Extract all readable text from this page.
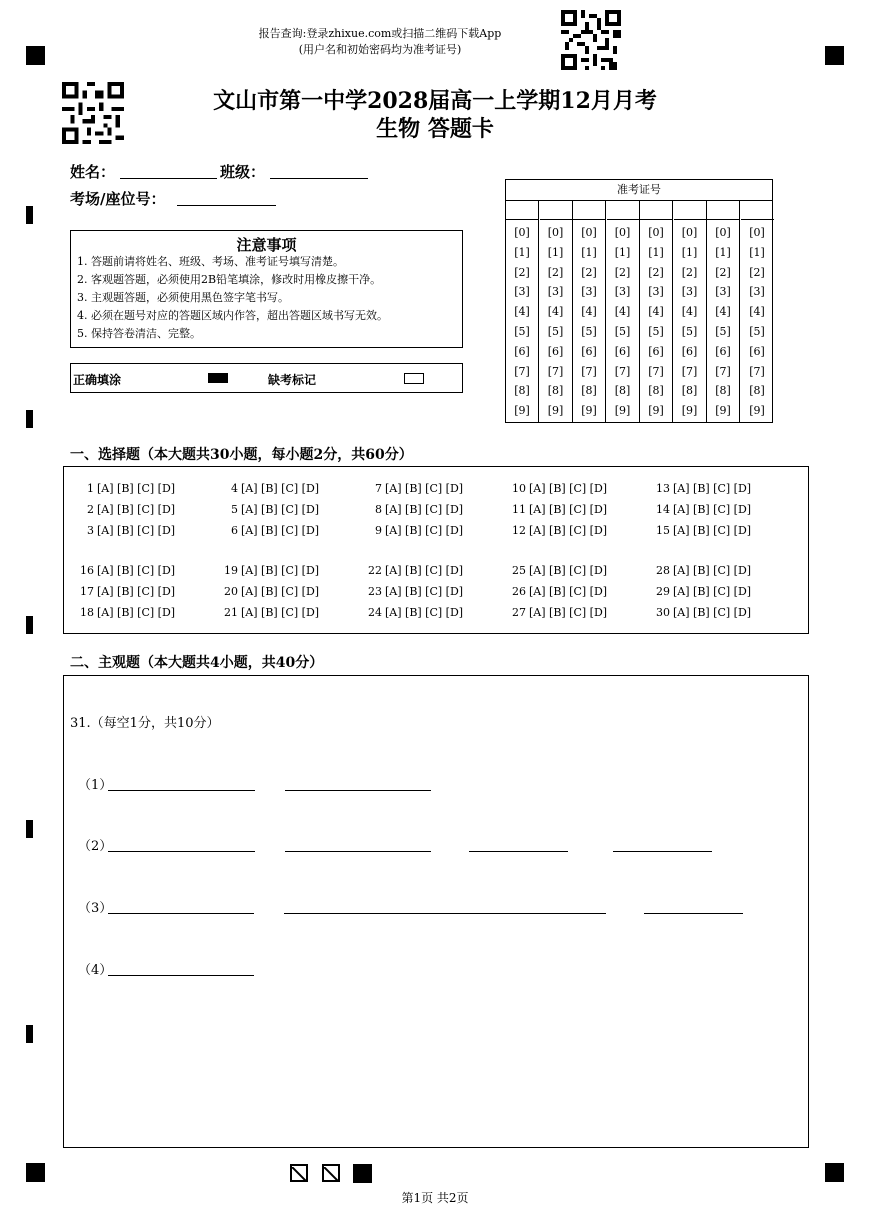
报告查询:登录zhixue.com或扫描二维码下载App
(用户名和初始密码均为准考证号)
文山市第一中学2028届高一上学期12月月考
生物 答题卡
姓名：	班级：
考场/座位号：
注意事项
1. 答题前请将姓名、班级、考场、准考证号填写清楚。
2. 客观题答题，必须使用2B铅笔填涂，修改时用橡皮擦干净。
3. 主观题答题，必须使用黑色签字笔书写。
4. 必须在题号对应的答题区域内作答，超出答题区域书写无效。
5. 保持答卷清洁、完整。
正确填涂	缺考标记
准考证号
[0]
[1]
[2]
[3]
[4]
[5]
[6]
[7]
[8]
[9]
[0]
[1]
[2]
[3]
[4]
[5]
[6]
[7]
[8]
[9]
[0]
[1]
[2]
[3]
[4]
[5]
[6]
[7]
[8]
[9]
[0]
[1]
[2]
[3]
[4]
[5]
[6]
[7]
[8]
[9]
[0]
[1]
[2]
[3]
[4]
[5]
[6]
[7]
[8]
[9]
[0]
[1]
[2]
[3]
[4]
[5]
[6]
[7]
[8]
[9]
[0]
[1]
[2]
[3]
[4]
[5]
[6]
[7]
[8]
[9]
[0]
[1]
[2]
[3]
[4]
[5]
[6]
[7]
[8]
[9]
一、选择题（本大题共30小题，每小题2分，共60分）
1 [A] [B] [C] [D]
2 [A] [B] [C] [D]
3 [A] [B] [C] [D]
4 [A] [B] [C] [D]
5 [A] [B] [C] [D]
6 [A] [B] [C] [D]
7 [A] [B] [C] [D]
8 [A] [B] [C] [D]
9 [A] [B] [C] [D]
10 [A] [B] [C] [D]
11 [A] [B] [C] [D]
12 [A] [B] [C] [D]
13 [A] [B] [C] [D]
14 [A] [B] [C] [D]
15 [A] [B] [C] [D]
16 [A] [B] [C] [D]
17 [A] [B] [C] [D]
18 [A] [B] [C] [D]
19 [A] [B] [C] [D]
20 [A] [B] [C] [D]
21 [A] [B] [C] [D]
22 [A] [B] [C] [D]
23 [A] [B] [C] [D]
24 [A] [B] [C] [D]
25 [A] [B] [C] [D]
26 [A] [B] [C] [D]
27 [A] [B] [C] [D]
28 [A] [B] [C] [D]
29 [A] [B] [C] [D]
30 [A] [B] [C] [D]
二、主观题（本大题共4小题，共40分）
31.（每空1分，共10分）
（1）
（2）
（3）
（4）
第1页 共2页
